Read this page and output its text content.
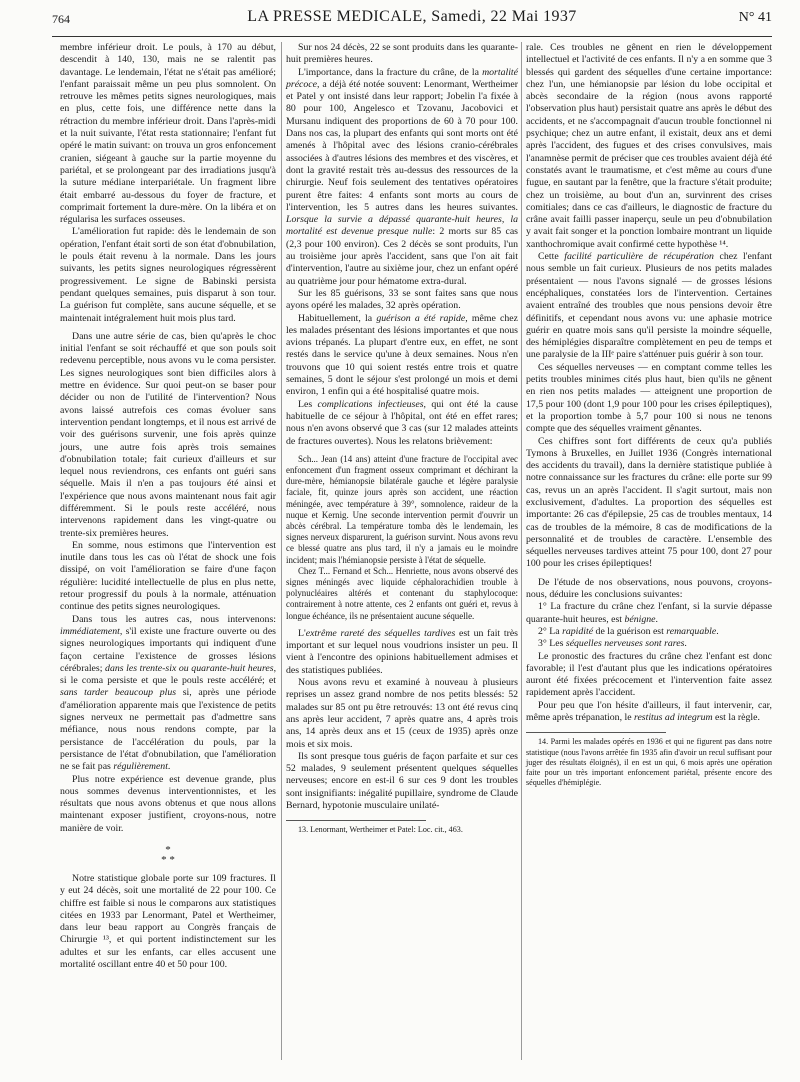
764	LA PRESSE MEDICALE, Samedi, 22 Mai 1937	N° 41

membre inférieur droit. Le pouls, à 170 au début, descendit à 140, 130, mais ne se ralentit pas davantage. Le lendemain, l'état ne s'était pas amélioré; l'enfant paraissait même un peu plus somnolent. On retrouve les mêmes petits signes neurologiques, mais en plus, cette fois, une différence nette dans la rétraction du membre inférieur droit. Dans l'après-midi et la nuit suivante, l'état resta stationnaire; l'enfant fut opéré le matin suivant: on trouva un gros enfoncement cranien, siégeant à gauche sur la partie moyenne du pariétal, et se prolongeant par des irradiations jusqu'à la suture médiane interpariétale. Un fragment libre était embarré au-dessous du foyer de fracture, et comprimait fortement la dure-mère. On la libéra et on régularisa les surfaces osseuses.

L'amélioration fut rapide: dès le lendemain de son opération, l'enfant était sorti de son état d'obnubilation, le pouls était revenu à la normale. Dans les jours suivants, les petits signes neurologiques régressèrent progressivement. Le signe de Babinski persista pendant quelques semaines, puis disparut à son tour. La guérison fut complète, sans aucune séquelle, et se maintenait intégralement huit mois plus tard.

Dans une autre série de cas, bien qu'après le choc initial l'enfant se soit réchauffé et que son pouls soit redevenu perceptible, nous avons vu le coma persister. Les signes neurologiques sont bien difficiles alors à mettre en évidence. Sur quoi peut-on se baser pour décider ou non de l'utilité de l'intervention? Nous avons laissé autrefois ces comas évoluer sans intervention pendant longtemps, et il nous est arrivé de voir des guérisons survenir, une fois après quinze jours, une autre fois après trois semaines d'obnubilation totale; fait curieux d'ailleurs et sur lequel nous reviendrons, ces enfants ont guéri sans séquelle. Mais il n'en a pas toujours été ainsi et l'expérience que nous avons maintenant nous fait agir différemment. Si le pouls reste accéléré, nous intervenons rapidement dans les vingt-quatre ou trente-six premières heures.

En somme, nous estimons que l'intervention est inutile dans tous les cas où l'état de shock une fois dissipé, on voit l'amélioration se faire d'une façon régulière: lucidité intellectuelle de plus en plus nette, retour progressif du pouls à la normale, atténuation continue des petits signes neurologiques.

Dans tous les autres cas, nous intervenons: immédiatement, s'il existe une fracture ouverte ou des signes neurologiques importants qui indiquent d'une façon certaine l'existence de grosses lésions cérébrales; dans les trente-six ou quarante-huit heures, si le coma persiste et que le pouls reste accéléré; et sans tarder beaucoup plus si, après une période d'amélioration apparente mais que l'existence de petits signes nerveux ne permettait pas d'admettre sans méfiance, nous nous rendons compte, par la persistance de l'accélération du pouls, par la persistance de l'état d'obnubilation, que l'amélioration ne se fait pas régulièrement.

Plus notre expérience est devenue grande, plus nous sommes devenus interventionnistes, et les résultats que nous avons obtenus et que nous allons maintenant exposer justifient, croyons-nous, notre manière de voir.

*
* *

Notre statistique globale porte sur 109 fractures. Il y eut 24 décès, soit une mortalité de 22 pour 100. Ce chiffre est faible si nous le comparons aux statistiques citées en 1933 par Lenormant, Patel et Wertheimer, dans leur beau rapport au Congrès français de Chirurgie ¹³, et qui portent indistinctement sur les adultes et sur les enfants, car elles accusent une mortalité oscillant entre 40 et 50 pour 100.

Sur nos 24 décès, 22 se sont produits dans les quarante-huit premières heures.

L'importance, dans la fracture du crâne, de la mortalité précoce, a déjà été notée souvent: Lenormant, Wertheimer et Patel y ont insisté dans leur rapport; Jobelin l'a fixée à 80 pour 100, Angelesco et Tzovanu, Jacobovici et Mursanu indiquent des proportions de 60 à 70 pour 100. Dans nos cas, la plupart des enfants qui sont morts ont été amenés à l'hôpital avec des lésions cranio-cérébrales associées à d'autres lésions des membres et des viscères, et dont la gravité restait très au-dessus des ressources de la chirurgie. Neuf fois seulement des tentatives opératoires purent être faites: 4 enfants sont morts au cours de l'intervention, les 5 autres dans les heures suivantes. Lorsque la survie a dépassé quarante-huit heures, la mortalité est devenue presque nulle: 2 morts sur 85 cas (2,3 pour 100 environ). Ces 2 décès se sont produits, l'un au troisième jour après l'accident, sans que l'on ait fait d'intervention, l'autre au sixième jour, chez un enfant opéré au quatrième jour pour hématome extra-dural.

Sur les 85 guérisons, 33 se sont faites sans que nous ayons opéré les malades, 32 après opération.

Habituellement, la guérison a été rapide, même chez les malades présentant des lésions importantes et que nous avions trépanés. La plupart d'entre eux, en effet, ne sont restés dans le service qu'une à deux semaines. Nous n'en trouvons que 10 qui soient restés entre trois et quatre semaines, 5 dont le séjour s'est prolongé un mois et demi environ, 1 enfin qui a été hospitalisé quatre mois.

Les complications infectieuses, qui ont été la cause habituelle de ce séjour à l'hôpital, ont été en effet rares; nous n'en avons observé que 3 cas (sur 12 malades atteints de fractures ouvertes). Nous les relatons brièvement:

Sch... Jean (14 ans) atteint d'une fracture de l'occipital avec enfoncement d'un fragment osseux comprimant et déchirant la dure-mère, hémianopsie bilatérale gauche et légère paralysie faciale, fit, quinze jours après son accident, une réaction méningée, avec température à 39°, somnolence, raideur de la nuque et Kernig. Une seconde intervention permit d'ouvrir un abcès cérébral. La température tomba dès le lendemain, les signes nerveux disparurent, la guérison survint. Nous avons revu ce blessé quatre ans plus tard, il n'y a jamais eu le moindre incident; mais l'hémianopsie persiste à l'état de séquelle.

Chez T... Fernand et Sch... Henriette, nous avons observé des signes méningés avec liquide céphalorachidien trouble à polynucléaires altérés et contenant du staphylocoque: contrairement à notre attente, ces 2 enfants ont guéri et, revus à longue échéance, ils ne présentaient aucune séquelle.

L'extrême rareté des séquelles tardives est un fait très important et sur lequel nous voudrions insister un peu. Il vient à l'encontre des opinions habituellement admises et des statistiques publiées.

Nous avons revu et examiné à nouveau à plusieurs reprises un assez grand nombre de nos petits blessés: 52 malades sur 85 ont pu être retrouvés: 13 ont été revus cinq ans après leur accident, 7 après quatre ans, 4 après trois ans, 14 après deux ans et 15 (ceux de 1935) après onze mois et six mois.

Ils sont presque tous guéris de façon parfaite et sur ces 52 malades, 9 seulement présentent quelques séquelles nerveuses; encore en est-il 6 sur ces 9 dont les troubles sont insignifiants: inégalité pupillaire, syndrome de Claude Bernard, hypotonie musculaire unilaté-

13. Lenormant, Wertheimer et Patel: Loc. cit., 463.

rale. Ces troubles ne gênent en rien le développement intellectuel et l'activité de ces enfants. Il n'y a en somme que 3 blessés qui gardent des séquelles d'une certaine importance: chez l'un, une hémianopsie par lésion du lobe occipital et abcès secondaire de la région (nous avons rapporté l'observation plus haut) persistait quatre ans après le début des accidents, et ne s'accompagnait d'aucun trouble fonctionnel ni psychique; chez un autre enfant, il existait, deux ans et demi après l'accident, des fugues et des crises convulsives, mais l'anamnèse permit de préciser que ces troubles avaient déjà été constatés avant le traumatisme, et c'est même au cours d'une fugue, en sautant par la fenêtre, que la fracture s'était produite; chez un troisième, au bout d'un an, survinrent des crises comitiales; dans ce cas d'ailleurs, le diagnostic de fracture du crâne avait failli passer inaperçu, seule un peu d'obnubilation y avait fait songer et la ponction lombaire montrant un liquide xanthochromique avait confirmé cette hypothèse ¹⁴.

Cette facilité particulière de récupération chez l'enfant nous semble un fait curieux. Plusieurs de nos petits malades présentaient — nous l'avons signalé — de grosses lésions encéphaliques, constatées lors de l'intervention. Certaines avaient entraîné des troubles que nous pensions devoir être définitifs, et cependant nous avons vu: une aphasie motrice guérir en quatre mois sans qu'il persiste la moindre séquelle, des hémiplégies disparaître complètement en peu de temps et une paralysie de la IIIᵉ paire s'atténuer puis guérir à son tour.

Ces séquelles nerveuses — en comptant comme telles les petits troubles minimes cités plus haut, bien qu'ils ne gênent en rien nos petits malades — atteignent une proportion de 17,5 pour 100 (dont 1,9 pour 100 pour les crises épileptiques), et la proportion tombe à 5,7 pour 100 si nous ne tenons compte que des séquelles vraiment gênantes.

Ces chiffres sont fort différents de ceux qu'a publiés Tymons à Bruxelles, en Juillet 1936 (Congrès international des accidents du travail), dans la dernière statistique publiée à notre connaissance sur les fractures du crâne: elle porte sur 99 cas, revus un an après l'accident. Il s'agit surtout, mais non exclusivement, d'adultes. La proportion des séquelles est importante: 26 cas d'épilepsie, 25 cas de troubles mentaux, 14 cas de troubles de la mémoire, 8 cas de modifications de la personnalité et de troubles de caractère. L'ensemble des séquelles nerveuses tardives atteint 75 pour 100, dont 27 pour 100 pour les crises épileptiques!

De l'étude de nos observations, nous pouvons, croyons-nous, déduire les conclusions suivantes:

1° La fracture du crâne chez l'enfant, si la survie dépasse quarante-huit heures, est bénigne.

2° La rapidité de la guérison est remarquable.

3° Les séquelles nerveuses sont rares.

Le pronostic des fractures du crâne chez l'enfant est donc favorable; il l'est d'autant plus que les indications opératoires auront été fixées précocement et l'intervention faite assez rapidement après l'accident.

Pour peu que l'on hésite d'ailleurs, il faut intervenir, car, même après trépanation, le restitus ad integrum est la règle.

14. Parmi les malades opérés en 1936 et qui ne figurent pas dans notre statistique (nous l'avons arrêtée fin 1935 afin d'avoir un recul suffisant pour juger des résultats éloignés), il en est un qui, 6 mois après une opération faite pour un très important enfoncement pariétal, présente encore des séquelles d'hémiplégie.
